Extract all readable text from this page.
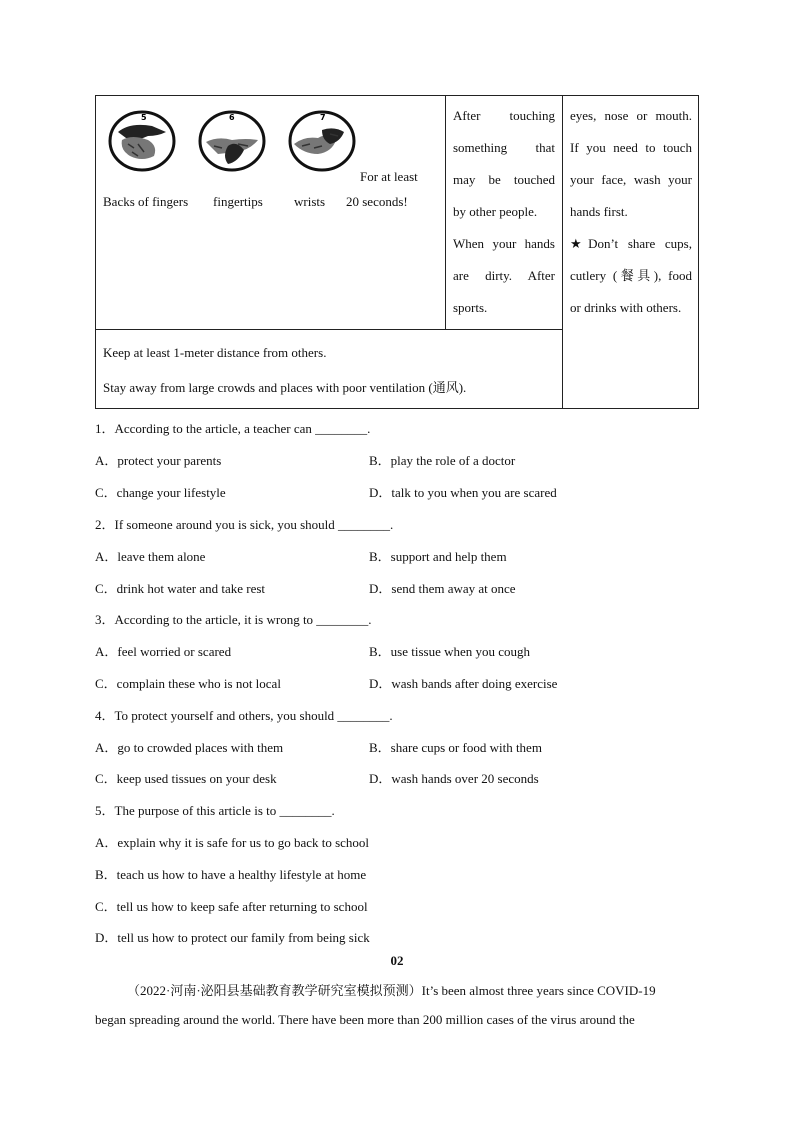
5	6	7
For at least
Backs of fingers fingertips wrists 20 seconds!
After touching
something that
may be touched
by other people.
When your hands
are dirty. After
sports.
eyes, nose or mouth.
If you need to touch
your face, wash your
hands first.
★Don’t share cups,
cutlery (餐具), food
or drinks with others.
Keep at least 1-meter distance from others.
Stay away from large crowds and places with poor ventilation (通风).
1．According to the article, a teacher can ________.
A．protect your parents	B．play the role of a doctor
C．change your lifestyle	D．talk to you when you are scared
2．If someone around you is sick, you should ________.
A．leave them alone	B．support and help them
C．drink hot water and take rest	D．send them away at once
3．According to the article, it is wrong to ________.
A．feel worried or scared	B．use tissue when you cough
C．complain these who is not local	D．wash bands after doing exercise
4．To protect yourself and others, you should ________.
A．go to crowded places with them	B．share cups or food with them
C．keep used tissues on your desk	D．wash hands over 20 seconds
5．The purpose of this article is to ________.
A．explain why it is safe for us to go back to school
B．teach us how to have a healthy lifestyle at home
C．tell us how to keep safe after returning to school
D．tell us how to protect our family from being sick
02
（2022·河南·泌阳县基础教育教学研究室模拟预测）It’s been almost three years since COVID-19
began spreading around the world. There have been more than 200 million cases of the virus around the
